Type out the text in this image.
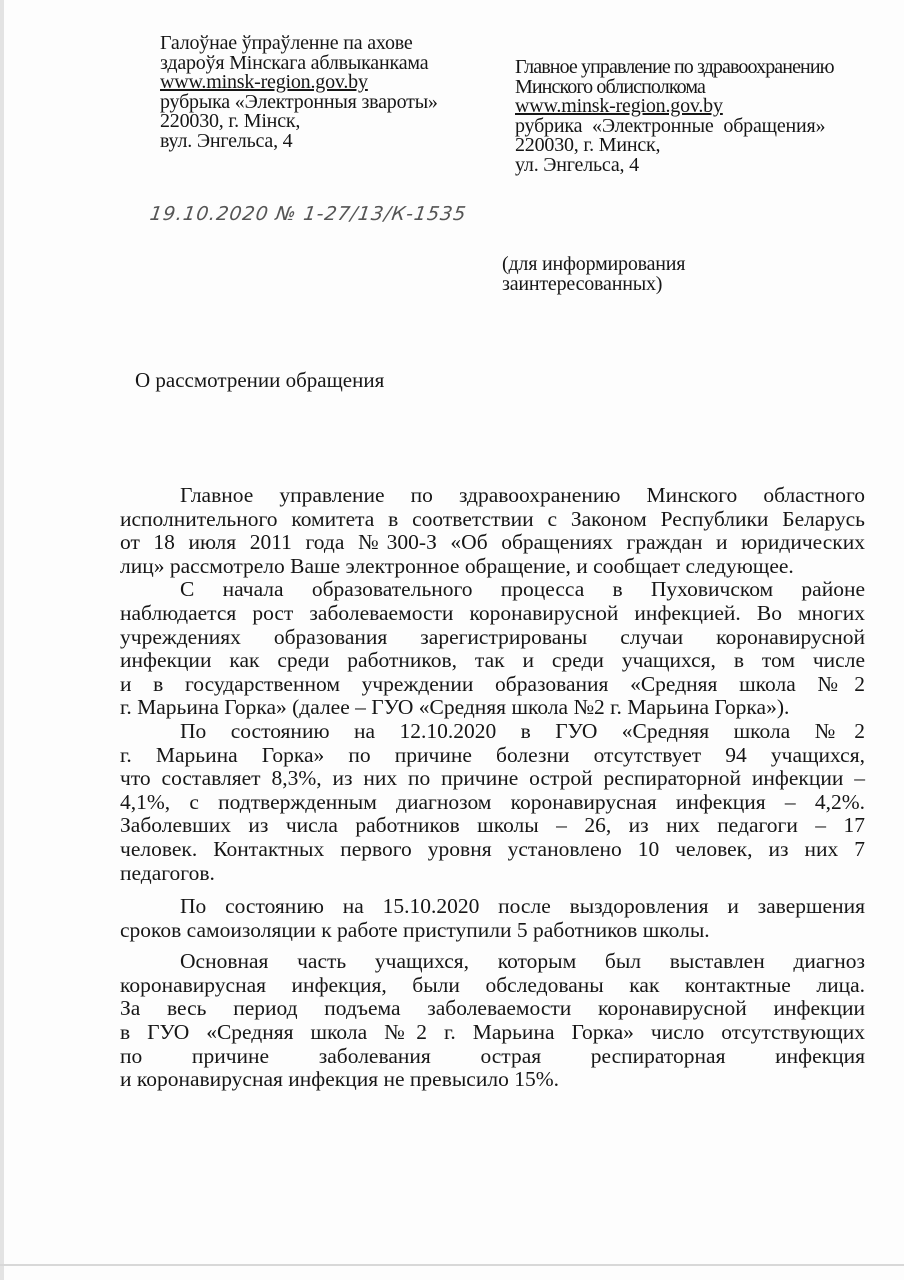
Галоўнае ўпраўленне па ахове
здароўя Мінскага аблвыканкама
www.minsk-region.gov.by
рубрыка «Электронныя звароты»
220030, г. Мінск,
вул. Энгельса, 4
Главное управление по здравоохранению
Минского облисполкома
www.minsk-region.gov.by
рубрика «Электронные обращения»
220030, г. Минск,
ул. Энгельса, 4
19.10.2020 № 1-27/13/К-1535
(для информирования
заинтересованных)
О рассмотрении обращения
Главное управление по здравоохранению Минского областного
исполнительного комитета в соответствии с Законом Республики Беларусь
от 18 июля 2011 года №300-З «Об обращениях граждан и юридических
лиц» рассмотрело Ваше электронное обращение, и сообщает следующее.
С начала образовательного процесса в Пуховичском районе
наблюдается рост заболеваемости коронавирусной инфекцией. Во многих
учреждениях образования зарегистрированы случаи коронавирусной
инфекции как среди работников, так и среди учащихся, в том числе
и в государственном учреждении образования «Средняя школа №2
г. Марьина Горка» (далее – ГУО «Средняя школа №2 г. Марьина Горка»).
По состоянию на 12.10.2020 в ГУО «Средняя школа №2
г. Марьина Горка» по причине болезни отсутствует 94 учащихся,
что составляет 8,3%, из них по причине острой респираторной инфекции –
4,1%, с подтвержденным диагнозом коронавирусная инфекция – 4,2%.
Заболевших из числа работников школы – 26, из них педагоги – 17
человек. Контактных первого уровня установлено 10 человек, из них 7
педагогов.
По состоянию на 15.10.2020 после выздоровления и завершения
сроков самоизоляции к работе приступили 5 работников школы.
Основная часть учащихся, которым был выставлен диагноз
коронавирусная инфекция, были обследованы как контактные лица.
За весь период подъема заболеваемости коронавирусной инфекции
в ГУО «Средняя школа №2 г. Марьина Горка» число отсутствующих
по причине заболевания острая респираторная инфекция
и коронавирусная инфекция не превысило 15%.
